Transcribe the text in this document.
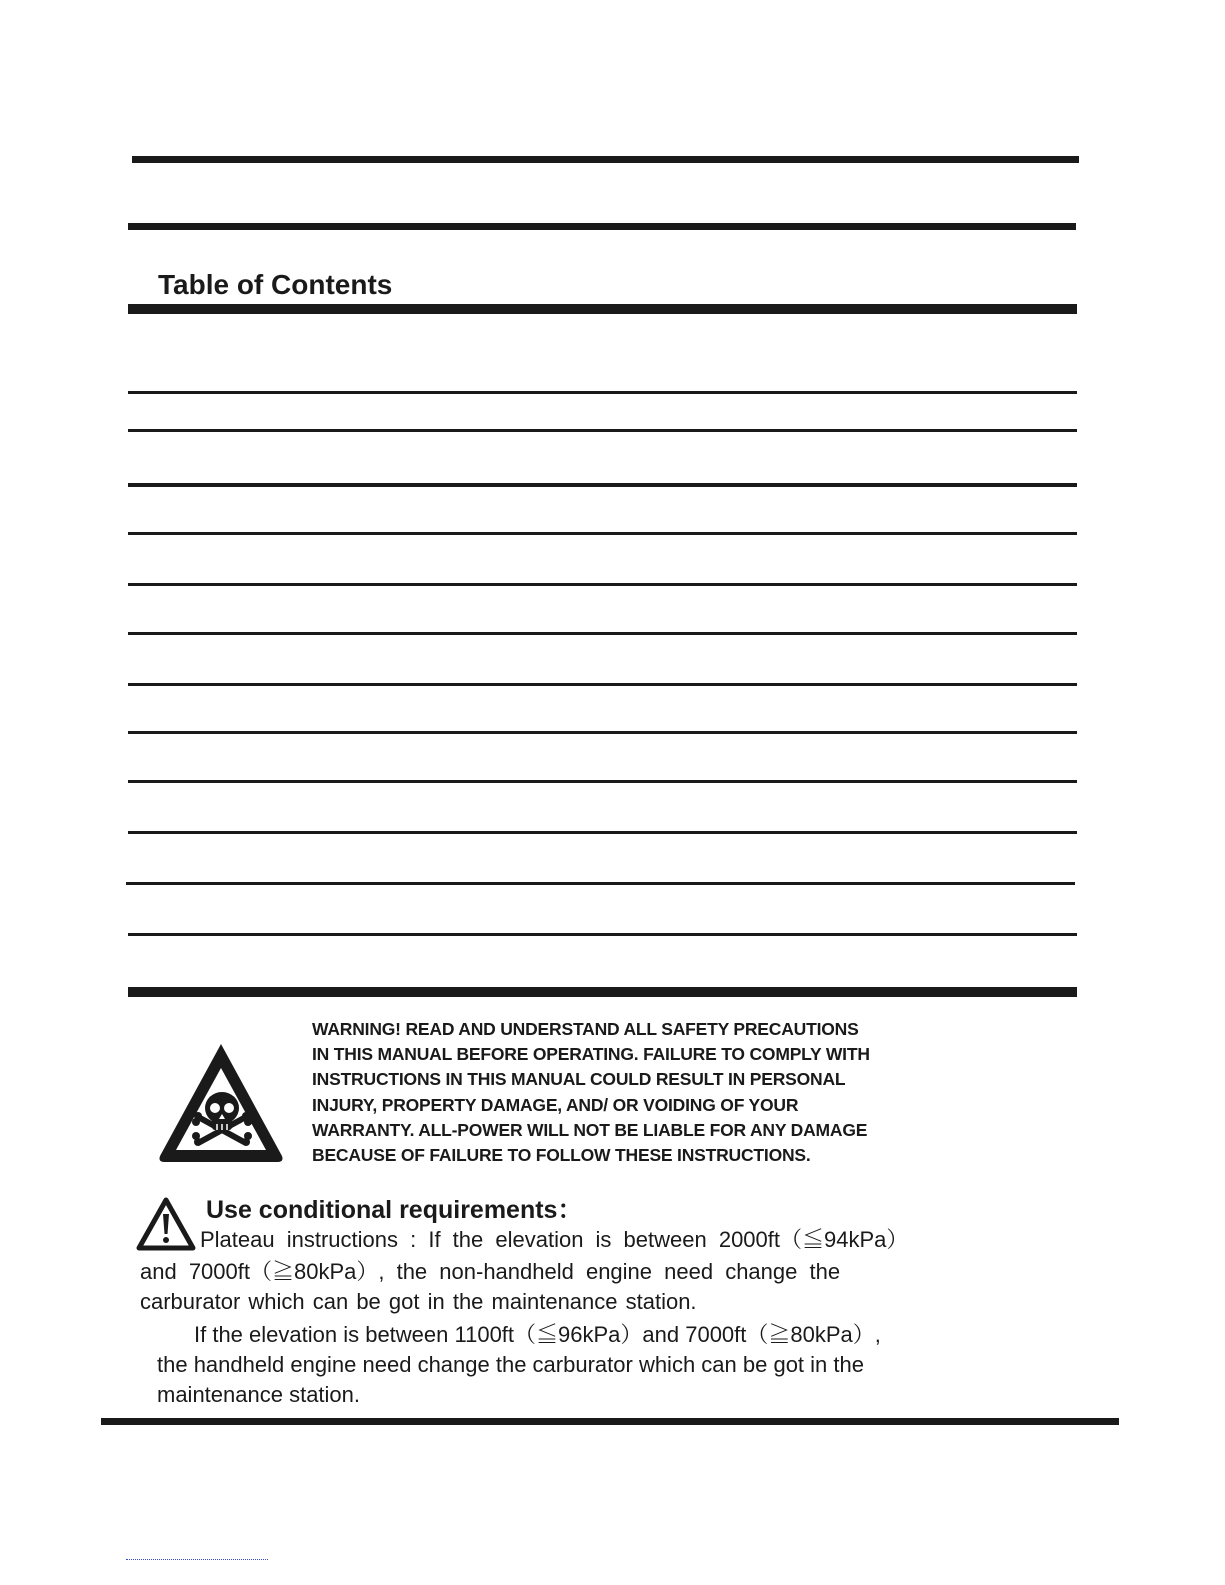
Table of Contents
WARNING! READ AND UNDERSTAND ALL SAFETY PRECAUTIONS
IN THIS MANUAL BEFORE OPERATING. FAILURE TO COMPLY WITH
INSTRUCTIONS IN THIS MANUAL COULD RESULT IN PERSONAL
INJURY, PROPERTY DAMAGE, AND/ OR VOIDING OF YOUR
WARRANTY. ALL-POWER WILL NOT BE LIABLE FOR ANY DAMAGE
BECAUSE OF FAILURE TO FOLLOW THESE INSTRUCTIONS.
Use conditional requirements：
Plateau instructions : If the elevation is between 2000ft（≦94kPa）
and 7000ft（≧80kPa）, the non-handheld engine need change the
carburator which can be got in the maintenance station.
If the elevation is between 1100ft（≦96kPa）and 7000ft（≧80kPa）,
the handheld engine need change the carburator which can be got in the
maintenance station.
